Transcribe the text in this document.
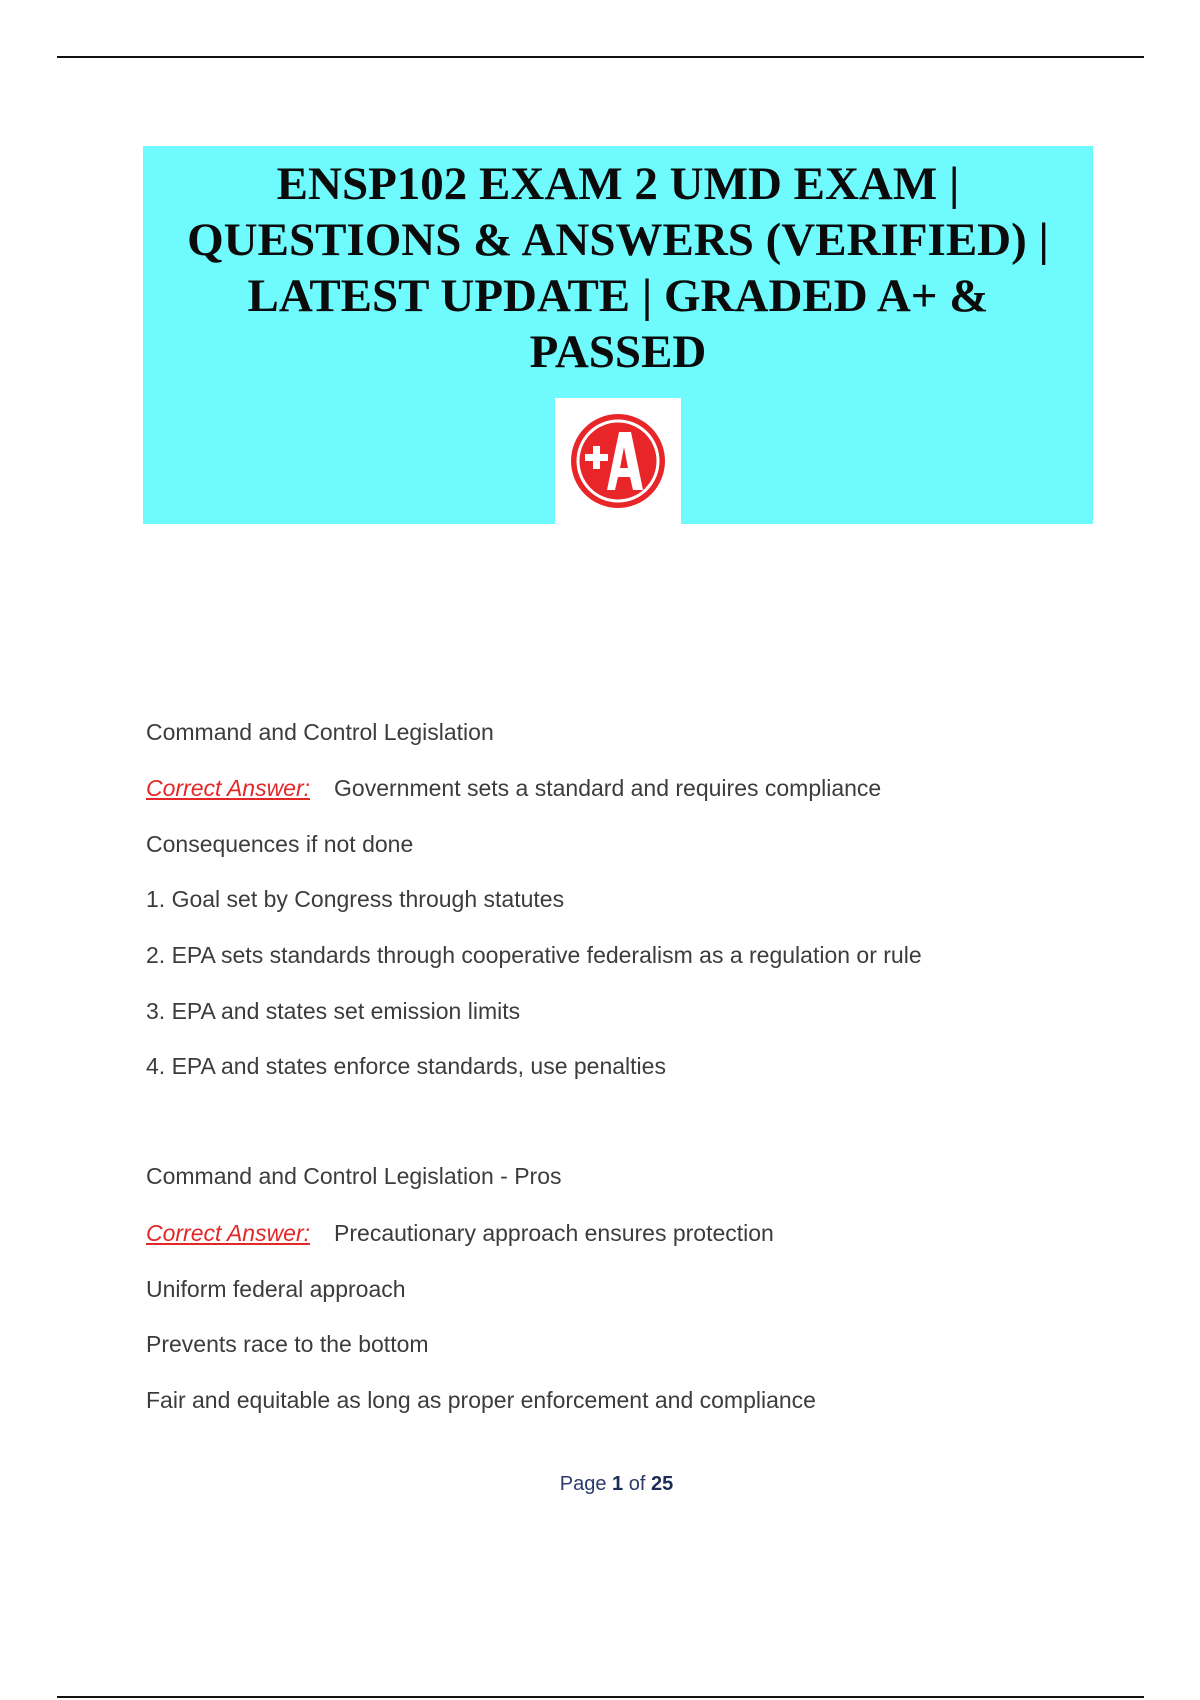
ENSP102 EXAM 2 UMD EXAM |
QUESTIONS & ANSWERS (VERIFIED) |
LATEST UPDATE | GRADED A+ &
PASSED
Command and Control Legislation
Correct Answer: Government sets a standard and requires compliance
Consequences if not done
1. Goal set by Congress through statutes
2. EPA sets standards through cooperative federalism as a regulation or rule
3. EPA and states set emission limits
4. EPA and states enforce standards, use penalties
Command and Control Legislation - Pros
Correct Answer: Precautionary approach ensures protection
Uniform federal approach
Prevents race to the bottom
Fair and equitable as long as proper enforcement and compliance
Page 1 of 25
